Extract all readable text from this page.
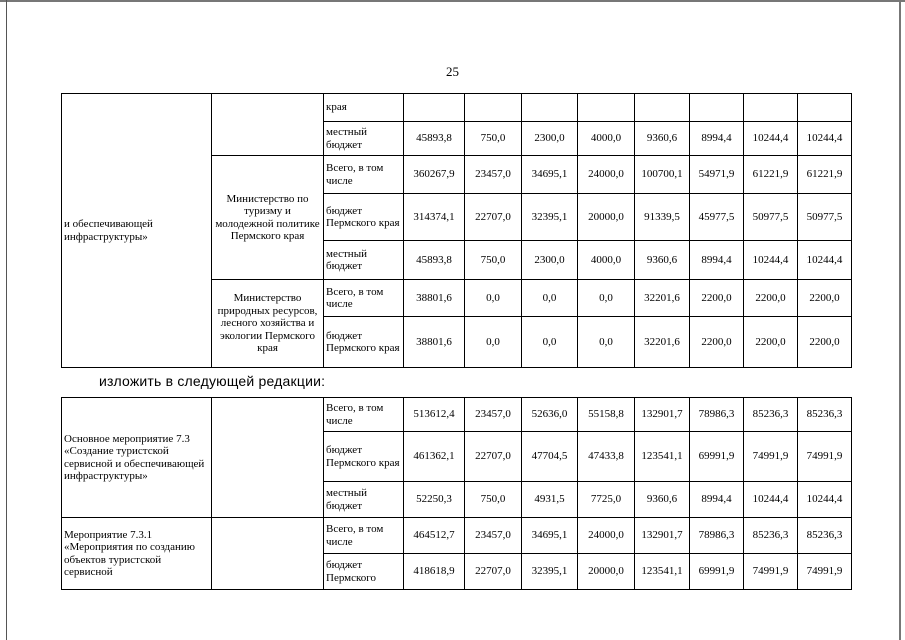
25
и обеспечивающей инфраструктуры»		края								
		местный бюджет	45893,8	750,0	2300,0	4000,0	9360,6	8994,4	10244,4	10244,4
	Министерство по туризму и молодежной политике Пермского края	Всего, в том числе	360267,9	23457,0	34695,1	24000,0	100700,1	54971,9	61221,9	61221,9
		бюджет Пермского края	314374,1	22707,0	32395,1	20000,0	91339,5	45977,5	50977,5	50977,5
		местный бюджет	45893,8	750,0	2300,0	4000,0	9360,6	8994,4	10244,4	10244,4
	Министерство природных ресурсов, лесного хозяйства и экологии Пермского края	Всего, в том числе	38801,6	0,0	0,0	0,0	32201,6	2200,0	2200,0	2200,0
		бюджет Пермского края	38801,6	0,0	0,0	0,0	32201,6	2200,0	2200,0	2200,0
изложить в следующей редакции:
Основное мероприятие 7.3 «Создание туристской сервисной и обеспечивающей инфраструктуры»		Всего, в том числе	513612,4	23457,0	52636,0	55158,8	132901,7	78986,3	85236,3	85236,3
		бюджет Пермского края	461362,1	22707,0	47704,5	47433,8	123541,1	69991,9	74991,9	74991,9
		местный бюджет	52250,3	750,0	4931,5	7725,0	9360,6	8994,4	10244,4	10244,4
Мероприятие 7.3.1 «Мероприятия по созданию объектов туристской сервисной		Всего, в том числе	464512,7	23457,0	34695,1	24000,0	132901,7	78986,3	85236,3	85236,3
		бюджет Пермского	418618,9	22707,0	32395,1	20000,0	123541,1	69991,9	74991,9	74991,9
